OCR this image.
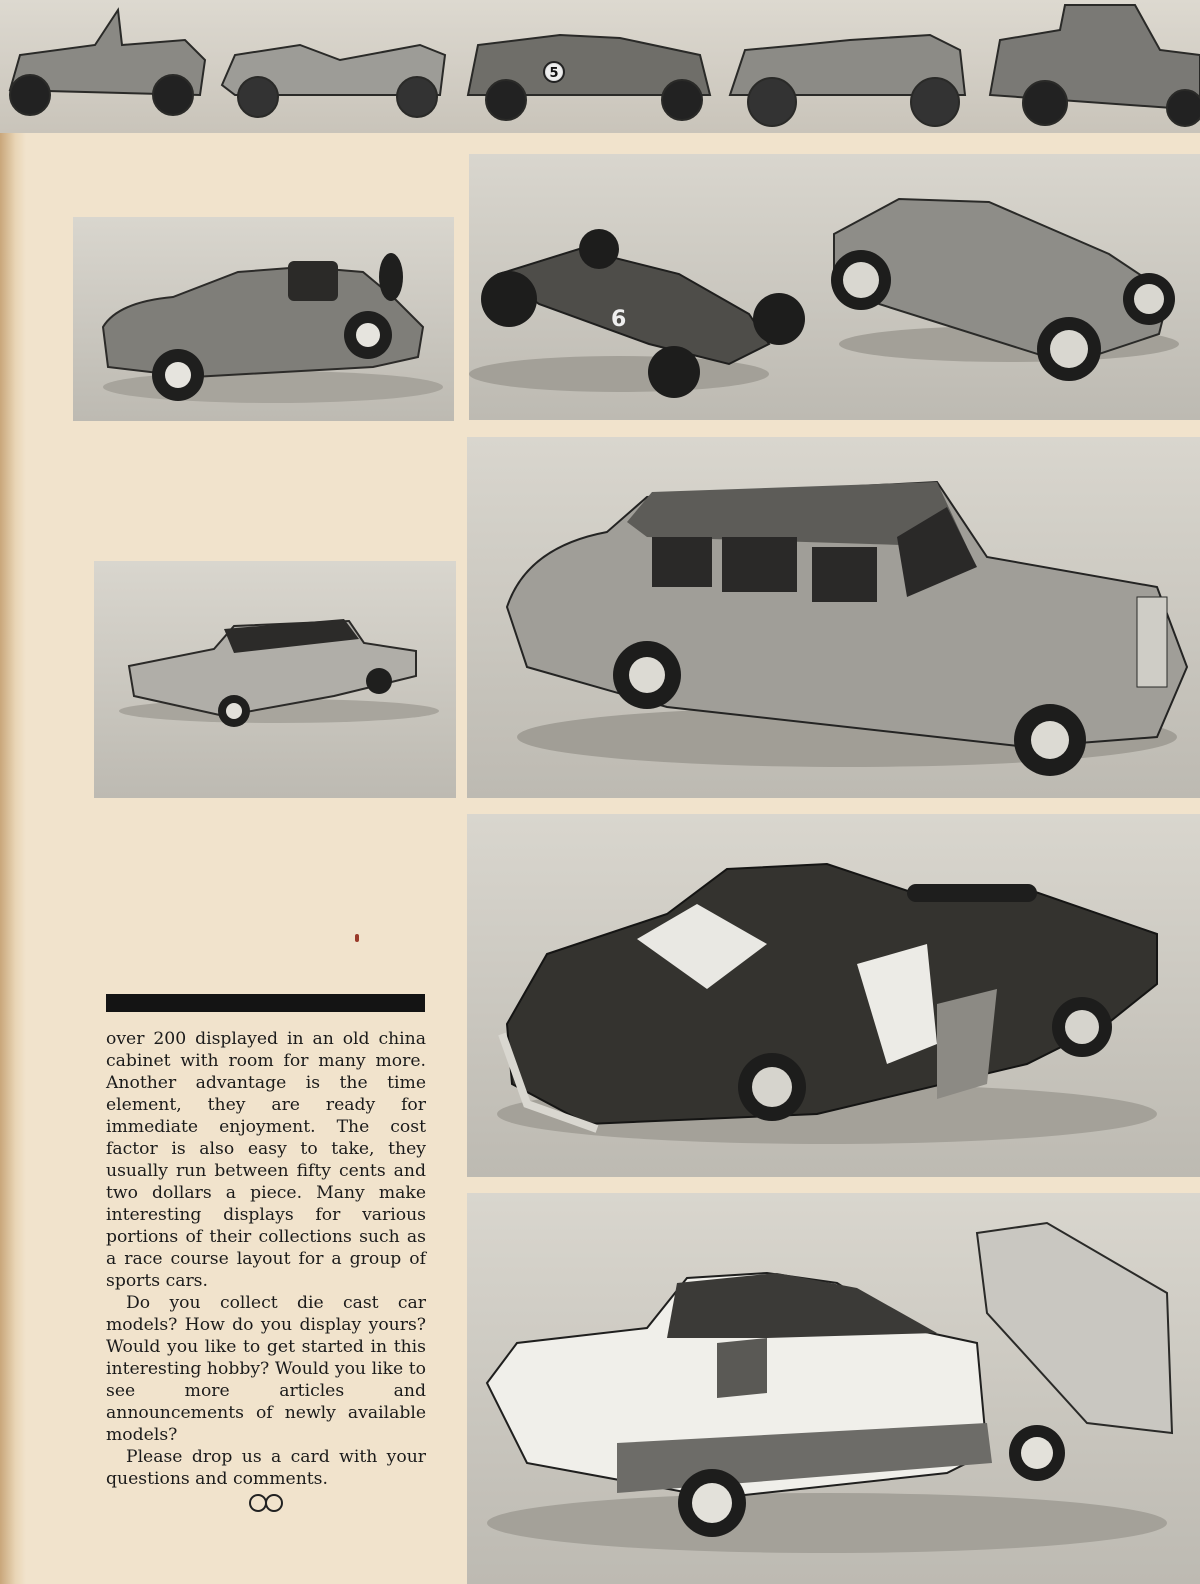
5
6

over 200 displayed in an old china cabinet with room for many more. Another advantage is the time element, they are ready for immediate enjoyment. The cost factor is also easy to take, they usually run between fifty cents and two dollars a piece. Many make interesting displays for various portions of their collections such as a race course layout for a group of sports cars.

Do you collect die cast car models? How do you display yours? Would you like to get started in this interesting hobby? Would you like to see more articles and announcements of newly available models?

Please drop us a card with your questions and comments.
